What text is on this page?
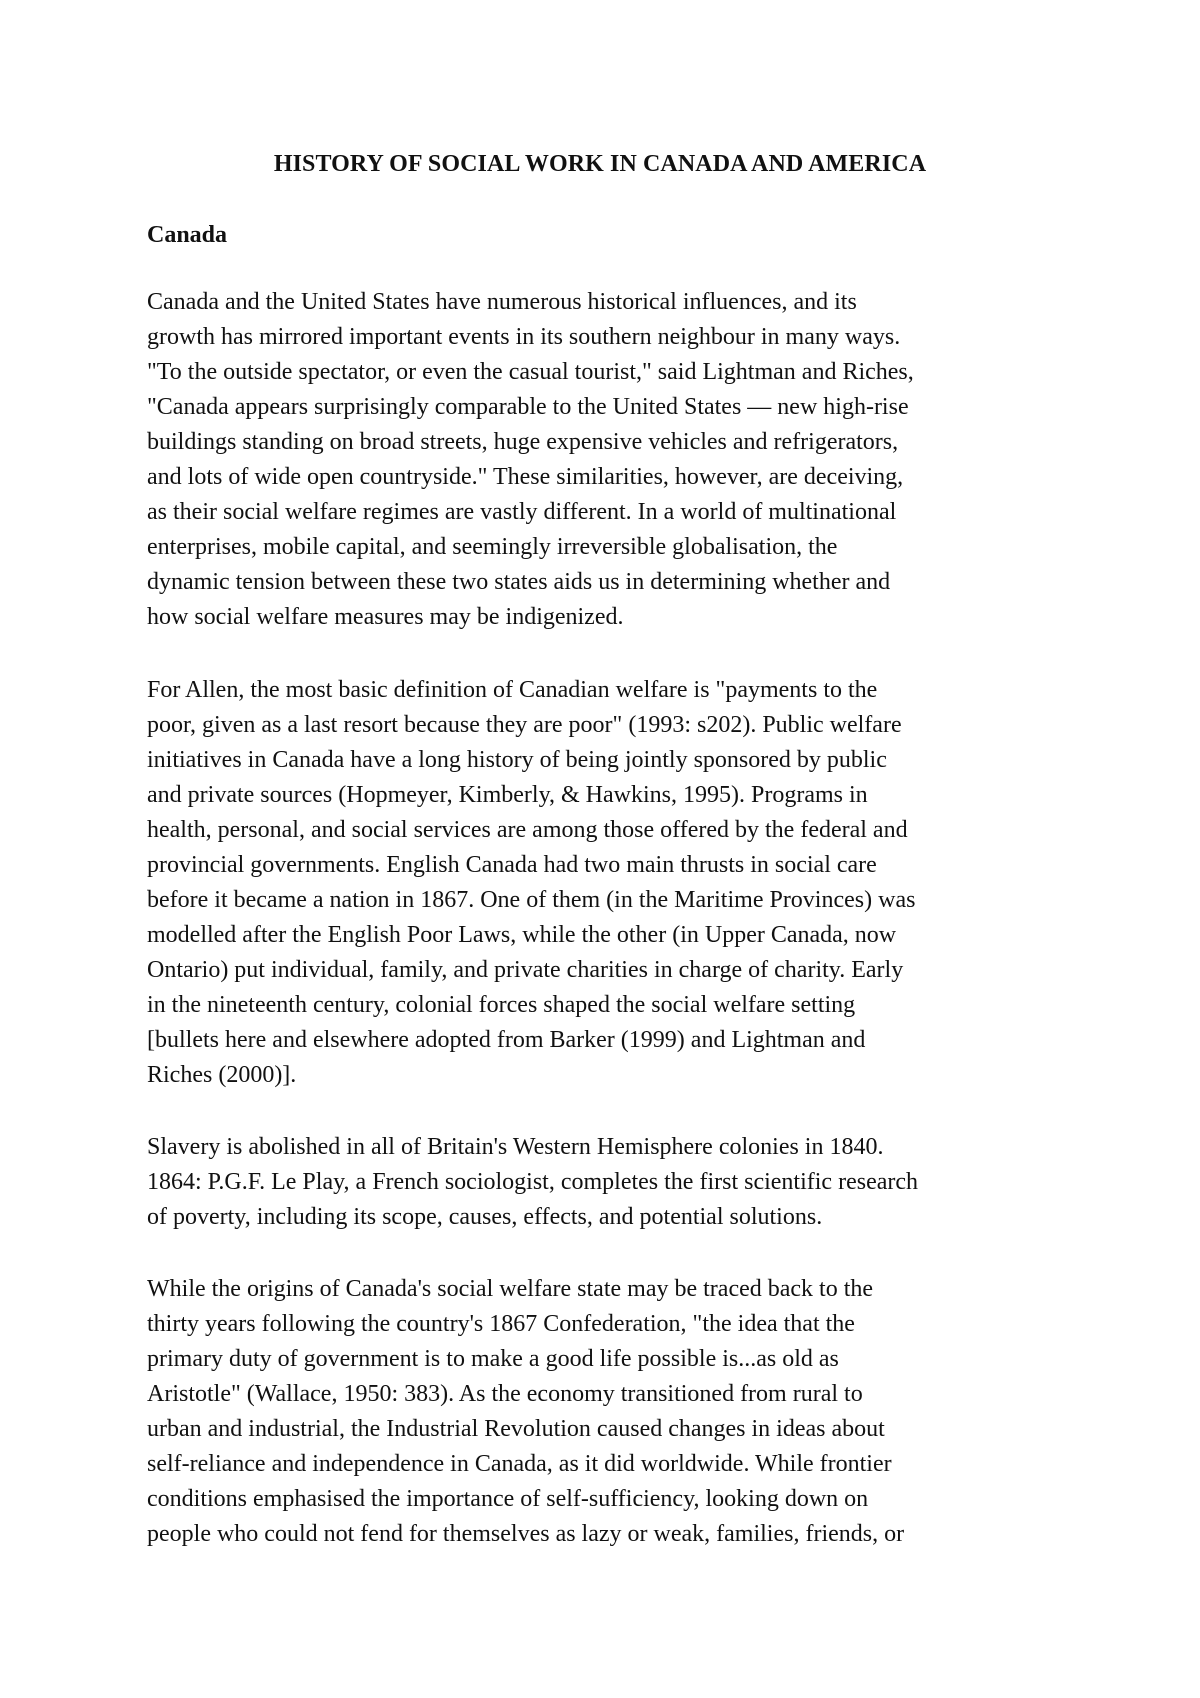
HISTORY OF SOCIAL WORK IN CANADA AND AMERICA
Canada
Canada and the United States have numerous historical influences, and its
growth has mirrored important events in its southern neighbour in many ways.
"To the outside spectator, or even the casual tourist," said Lightman and Riches,
"Canada appears surprisingly comparable to the United States — new high-rise
buildings standing on broad streets, huge expensive vehicles and refrigerators,
and lots of wide open countryside." These similarities, however, are deceiving,
as their social welfare regimes are vastly different. In a world of multinational
enterprises, mobile capital, and seemingly irreversible globalisation, the
dynamic tension between these two states aids us in determining whether and
how social welfare measures may be indigenized.
For Allen, the most basic definition of Canadian welfare is "payments to the
poor, given as a last resort because they are poor" (1993: s202). Public welfare
initiatives in Canada have a long history of being jointly sponsored by public
and private sources (Hopmeyer, Kimberly, & Hawkins, 1995). Programs in
health, personal, and social services are among those offered by the federal and
provincial governments. English Canada had two main thrusts in social care
before it became a nation in 1867. One of them (in the Maritime Provinces) was
modelled after the English Poor Laws, while the other (in Upper Canada, now
Ontario) put individual, family, and private charities in charge of charity. Early
in the nineteenth century, colonial forces shaped the social welfare setting
[bullets here and elsewhere adopted from Barker (1999) and Lightman and
Riches (2000)].
Slavery is abolished in all of Britain's Western Hemisphere colonies in 1840.
1864: P.G.F. Le Play, a French sociologist, completes the first scientific research
of poverty, including its scope, causes, effects, and potential solutions.
While the origins of Canada's social welfare state may be traced back to the
thirty years following the country's 1867 Confederation, "the idea that the
primary duty of government is to make a good life possible is...as old as
Aristotle" (Wallace, 1950: 383). As the economy transitioned from rural to
urban and industrial, the Industrial Revolution caused changes in ideas about
self-reliance and independence in Canada, as it did worldwide. While frontier
conditions emphasised the importance of self-sufficiency, looking down on
people who could not fend for themselves as lazy or weak, families, friends, or
